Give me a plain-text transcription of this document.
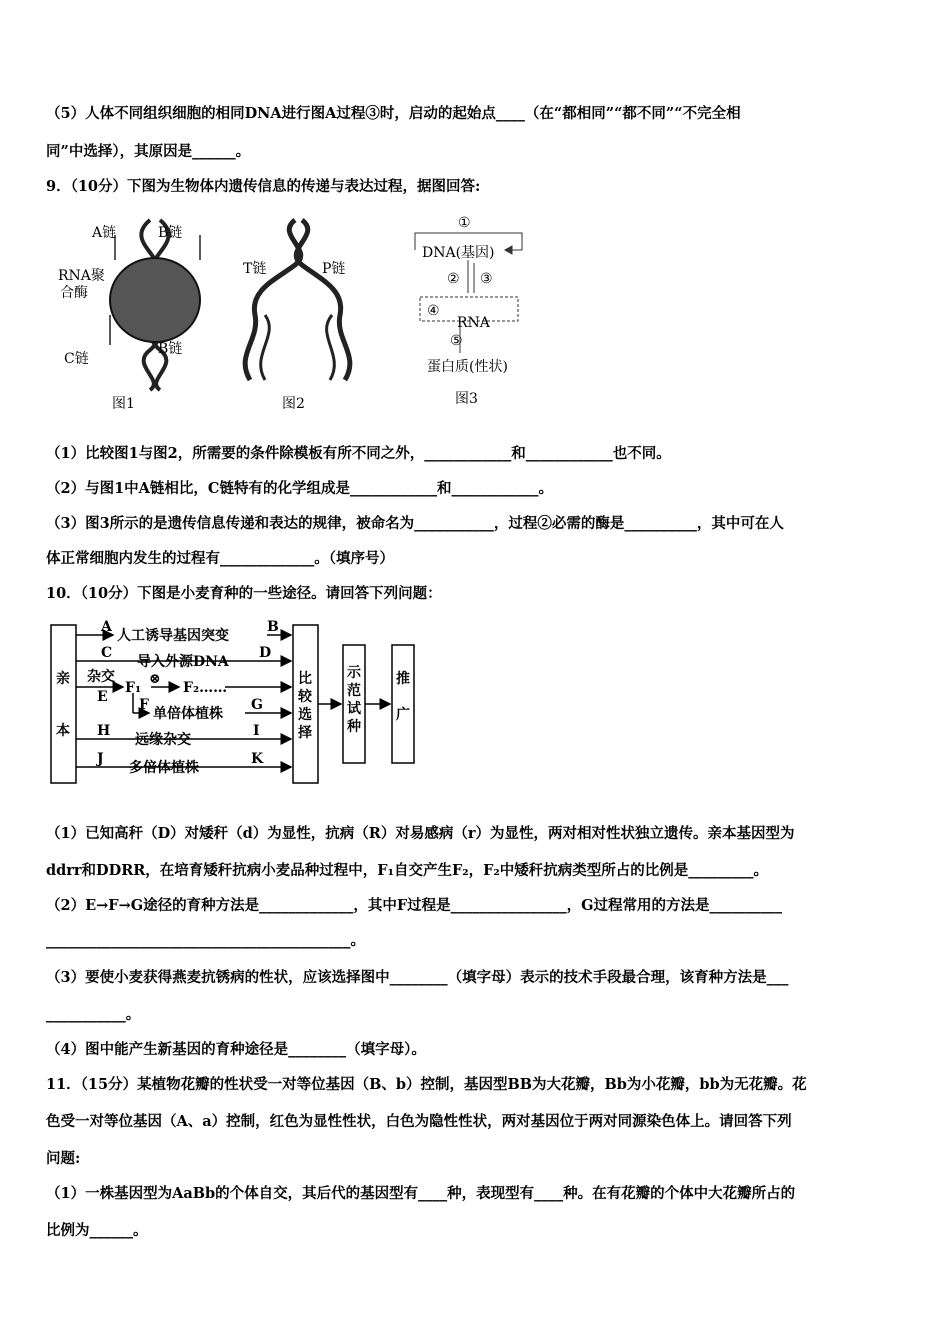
（5）人体不同组织细胞的相同DNA进行图A过程③时，启动的起始点____（在“都相同”“都不同”“不完全相
同”中选择），其原因是______。
9．（10分）下图为生物体内遗传信息的传递与表达过程，据图回答:
A链	B链
RNA聚
合酶
C链
B链
图1
T链	P链
图2
①
DNA(基因)
② ③
④
RNA
⑤
蛋白质(性状)
图3
（1）比较图1与图2，所需要的条件除模板有所不同之外，____________和____________也不同。
（2）与图1中A链相比，C链特有的化学组成是____________和____________。
（3）图3所示的是遗传信息传递和表达的规律，被命名为___________，过程②必需的酶是__________，其中可在人
体正常细胞内发生的过程有_____________。（填序号）
10．（10分）下图是小麦育种的一些途径。请回答下列问题：
亲
本
A
人工诱导基因突变
B
C
导入外源DNA
D
杂交
E
F₁
⊗
F₂……
F
单倍体植株
G
H
远缘杂交
I
J
多倍体植株
K
比
较
选
择
示
范
试
种
推
广
（1）已知高秆（D）对矮秆（d）为显性，抗病（R）对易感病（r）为显性，两对相对性状独立遗传。亲本基因型为
ddrr和DDRR，在培育矮秆抗病小麦品种过程中，F₁自交产生F₂，F₂中矮秆抗病类型所占的比例是_________。
（2）E→F→G途径的育种方法是_____________，其中F过程是________________，G过程常用的方法是__________
__________________________________________。
（3）要使小麦获得燕麦抗锈病的性状，应该选择图中________（填字母）表示的技术手段最合理，该育种方法是___
___________。
（4）图中能产生新基因的育种途径是________（填字母）。
11．（15分）某植物花瓣的性状受一对等位基因（B、b）控制，基因型BB为大花瓣，Bb为小花瓣，bb为无花瓣。花
色受一对等位基因（A、a）控制，红色为显性性状，白色为隐性性状，两对基因位于两对同源染色体上。请回答下列
问题:
（1）一株基因型为AaBb的个体自交，其后代的基因型有____种，表现型有____种。在有花瓣的个体中大花瓣所占的
比例为______。
